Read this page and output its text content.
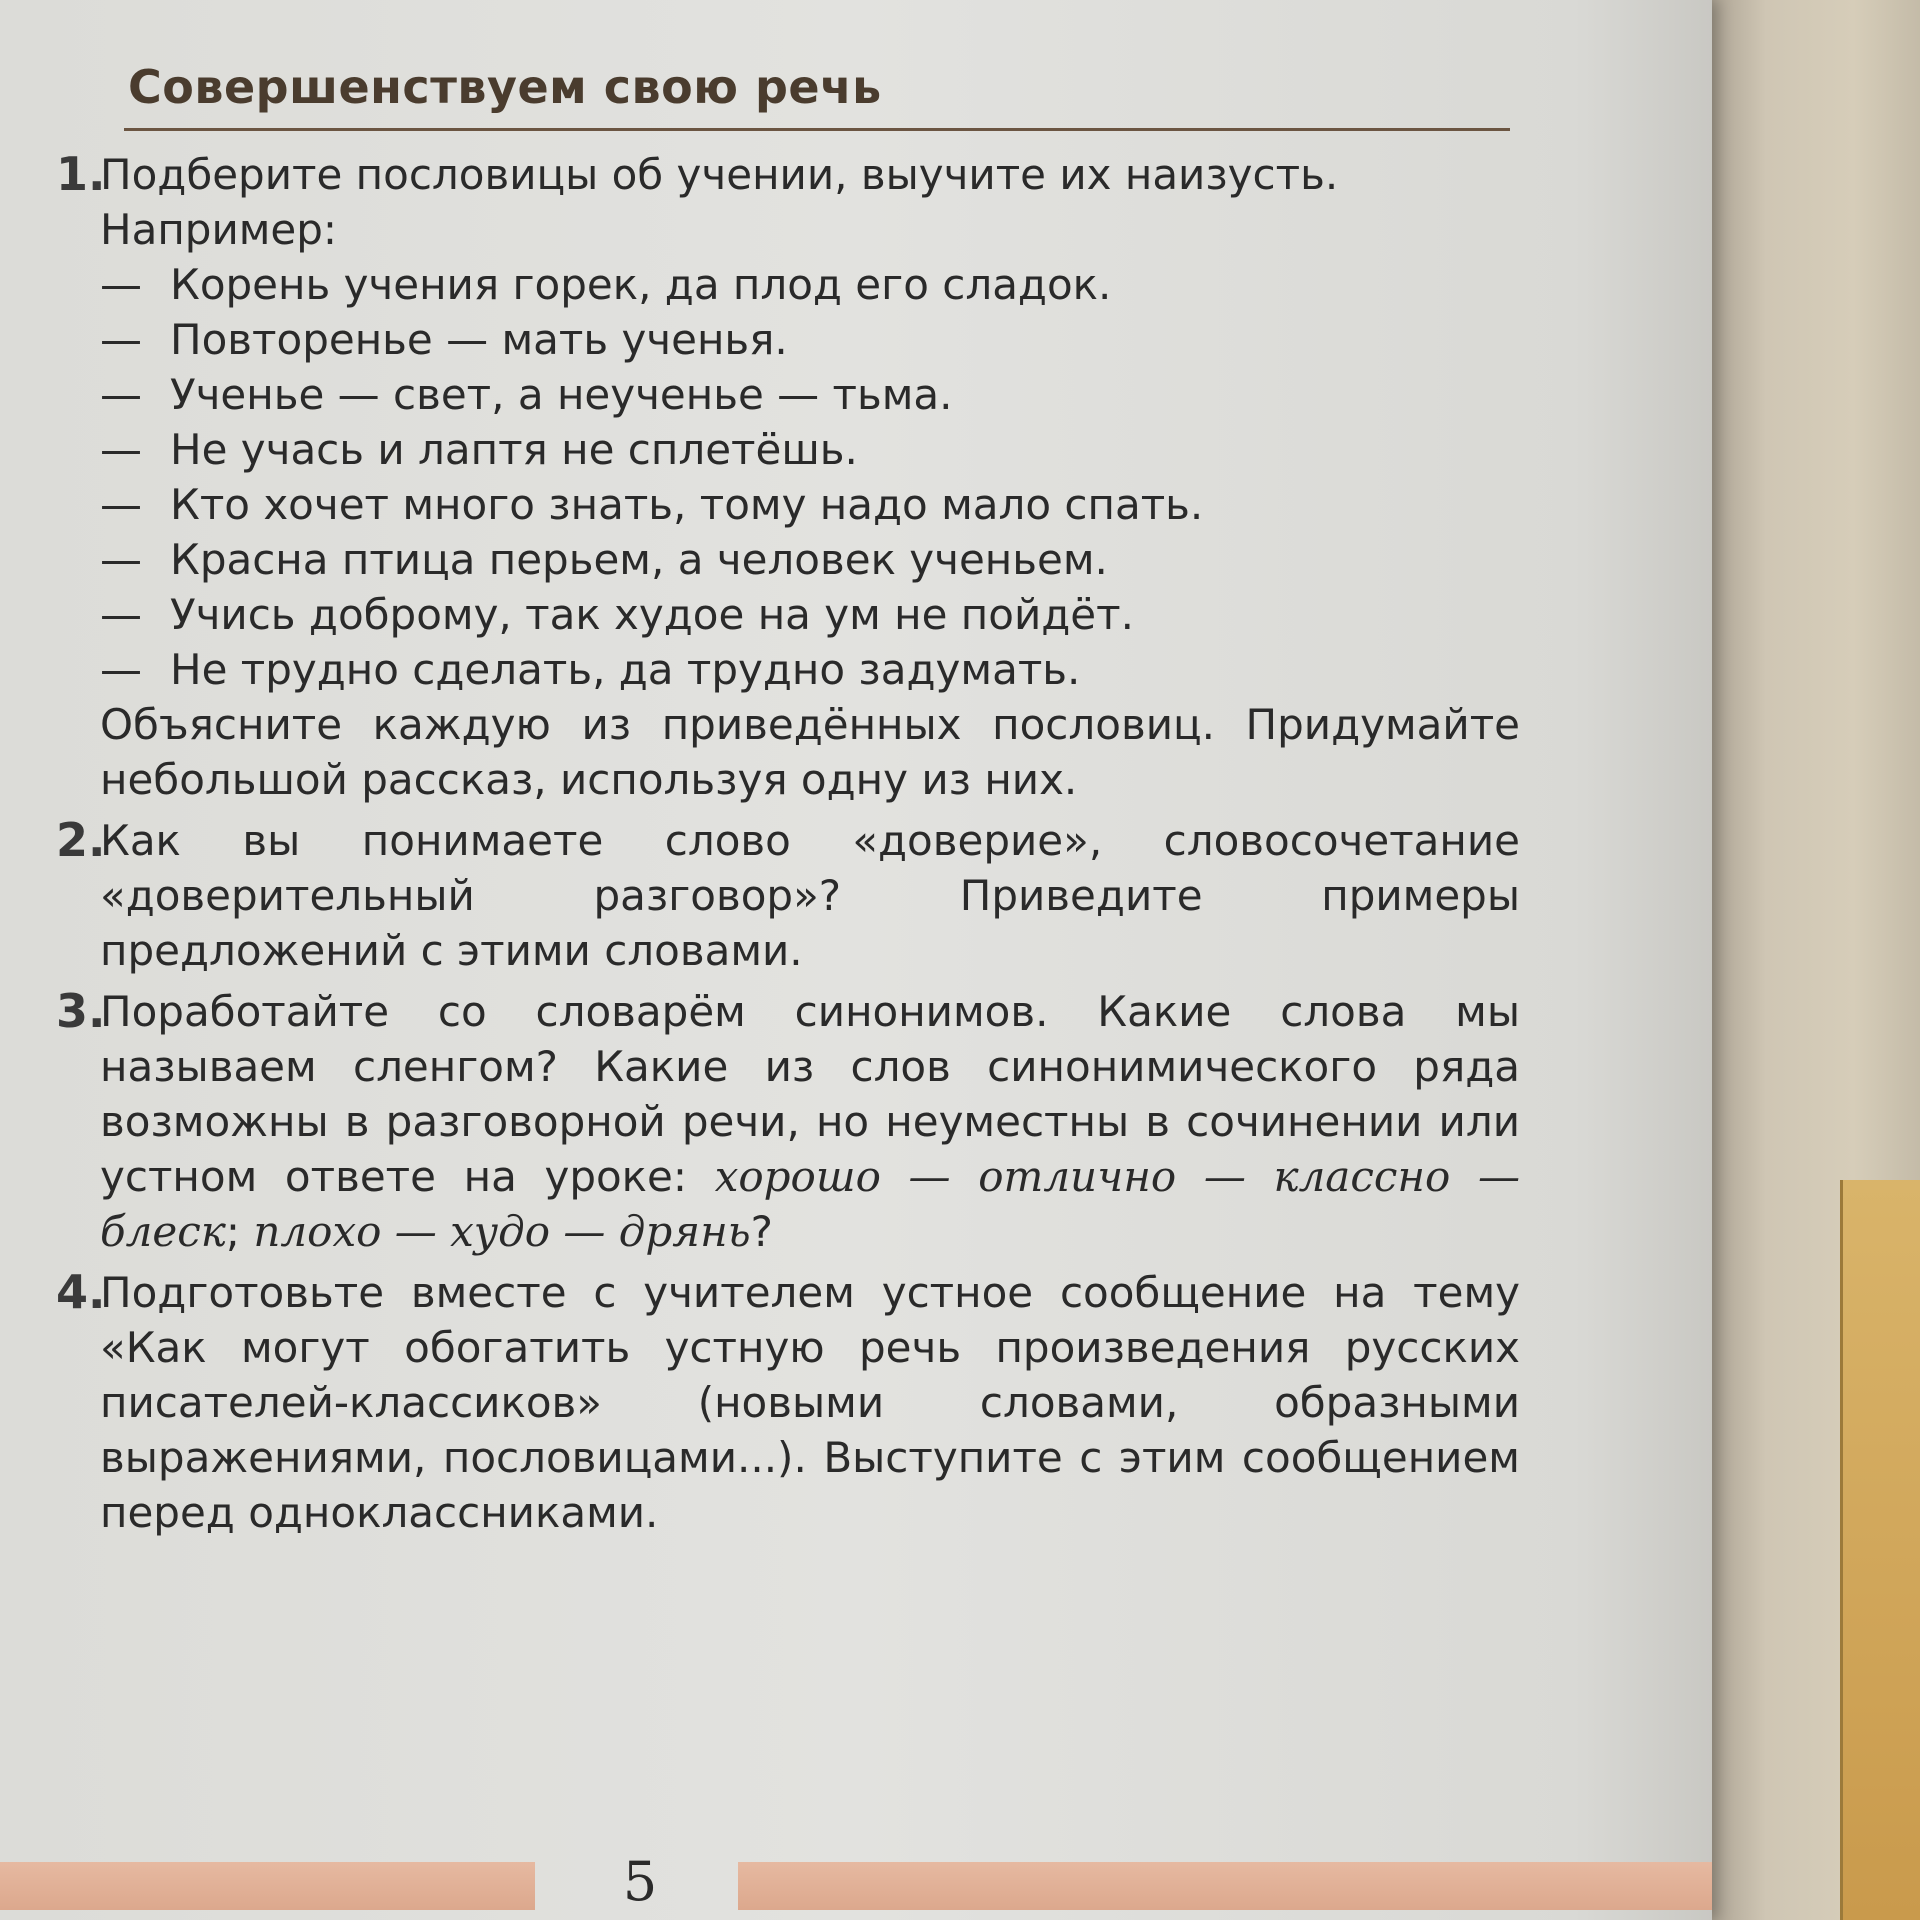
Совершенствуем свою речь
1.

Подберите пословицы об учении, выучите их наизусть. Например:

— Корень учения горек, да плод его сладок.

— Повторенье — мать ученья.

— Ученье — свет, а неученье — тьма.

— Не учась и лаптя не сплетёшь.

— Кто хочет много знать, тому надо мало спать.

— Красна птица перьем, а человек ученьем.

— Учись доброму, так худое на ум не пойдёт.

— Не трудно сделать, да трудно задумать.

Объясните каждую из приведённых пословиц. Придумайте небольшой рассказ, используя одну из них.

2.

Как вы понимаете слово «доверие», словосочетание «доверительный разговор»? Приведите примеры предложений с этими словами.

3.

Поработайте со словарём синонимов. Какие слова мы называем сленгом? Какие из слов синонимического ряда возможны в разговорной речи, но неуместны в сочинении или устном ответе на уроке: хорошо — отлично — классно — блеск; плохо — худо — дрянь?

4.

Подготовьте вместе с учителем устное сообщение на тему «Как могут обогатить устную речь произведения русских писателей-классиков» (новыми словами, образными выражениями, пословицами...). Выступите с этим сообщением перед одноклассниками.

5
